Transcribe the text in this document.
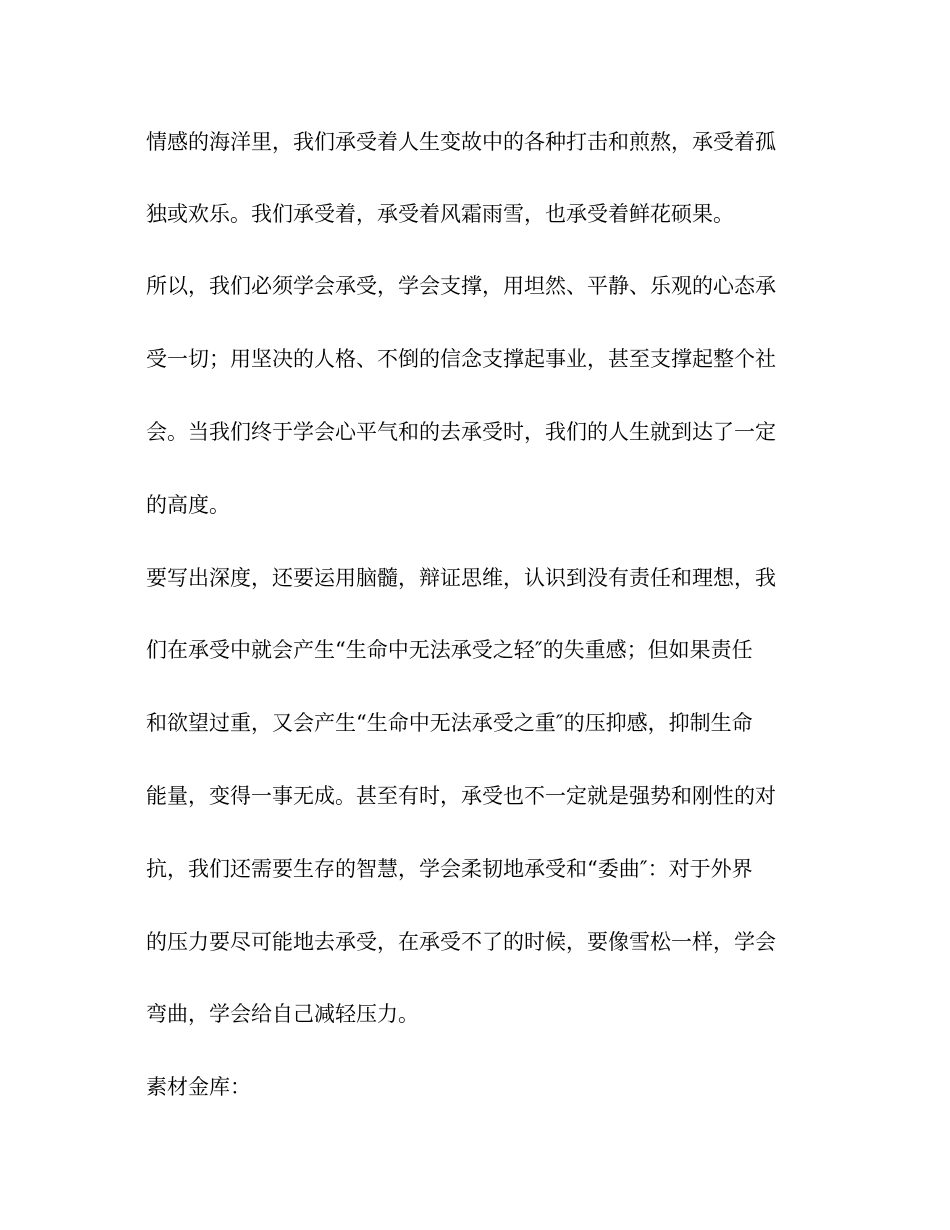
情感的海洋里，我们承受着人生变故中的各种打击和煎熬，承受着孤
独或欢乐。我们承受着，承受着风霜雨雪，也承受着鲜花硕果。
所以，我们必须学会承受，学会支撑，用坦然、平静、乐观的心态承
受一切；用坚决的人格、不倒的信念支撑起事业，甚至支撑起整个社
会。当我们终于学会心平气和的去承受时，我们的人生就到达了一定
的高度。
要写出深度，还要运用脑髓，辩证思维，认识到没有责任和理想，我
们在承受中就会产生“生命中无法承受之轻″的失重感；但如果责任
和欲望过重，又会产生“生命中无法承受之重″的压抑感，抑制生命
能量，变得一事无成。甚至有时，承受也不一定就是强势和刚性的对
抗，我们还需要生存的智慧，学会柔韧地承受和“委曲″：对于外界
的压力要尽可能地去承受，在承受不了的时候，要像雪松一样，学会
弯曲，学会给自己减轻压力。
素材金库：
